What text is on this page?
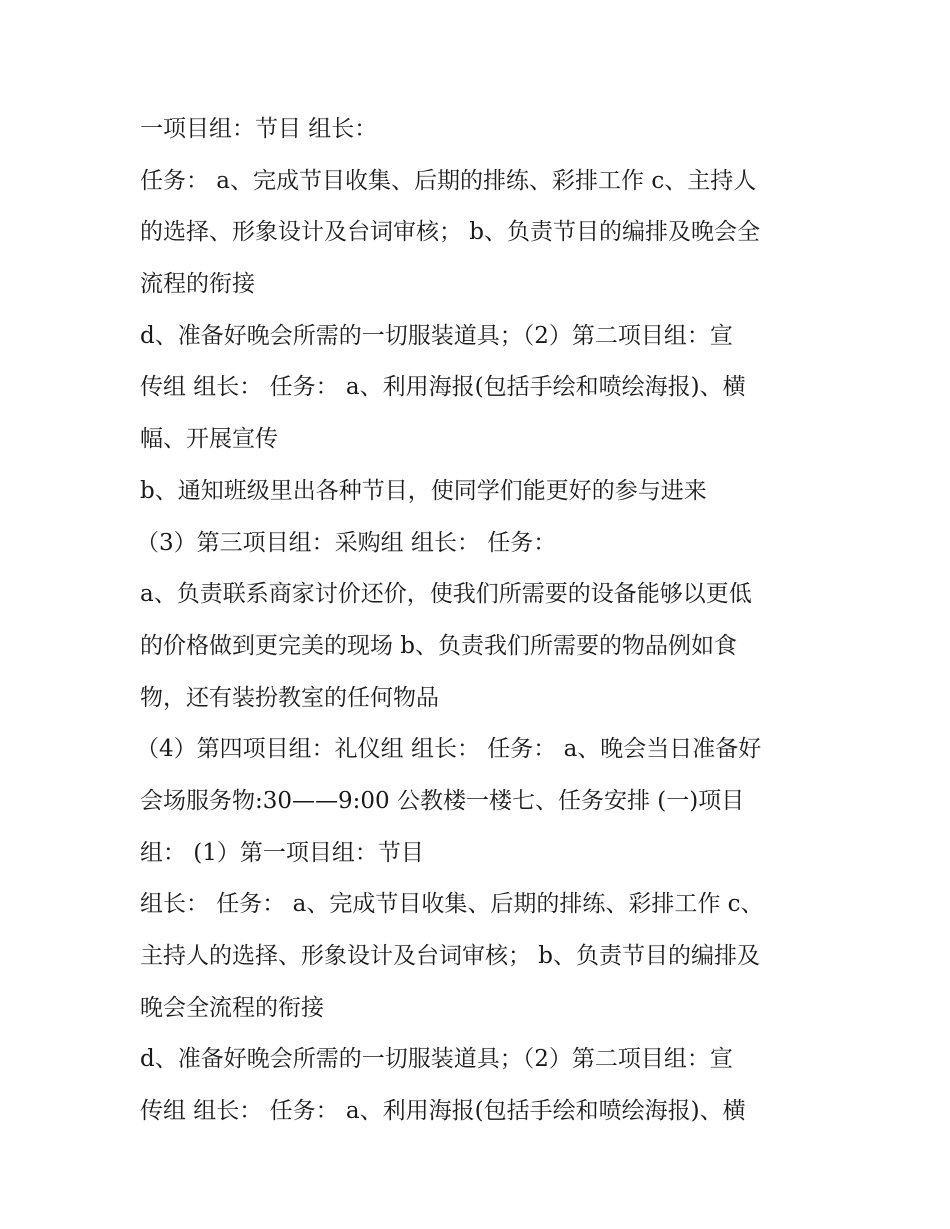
一项目组：节目 组长：
任务： a、完成节目收集、后期的排练、彩排工作 c、主持人
的选择、形象设计及台词审核； b、负责节目的编排及晚会全
流程的衔接
d、准备好晚会所需的一切服装道具；（2）第二项目组：宣
传组 组长： 任务： a、利用海报(包括手绘和喷绘海报)、横
幅、开展宣传
b、通知班级里出各种节目，使同学们能更好的参与进来
（3）第三项目组：采购组 组长： 任务：
a、负责联系商家讨价还价，使我们所需要的设备能够以更低
的价格做到更完美的现场 b、负责我们所需要的物品例如食
物，还有装扮教室的任何物品
（4）第四项目组：礼仪组 组长： 任务： a、晚会当日准备好
会场服务物:30——9:00 公教楼一楼七、任务安排 (一)项目
组： (1）第一项目组：节目
组长： 任务： a、完成节目收集、后期的排练、彩排工作 c、
主持人的选择、形象设计及台词审核； b、负责节目的编排及
晚会全流程的衔接
d、准备好晚会所需的一切服装道具；（2）第二项目组：宣
传组 组长： 任务： a、利用海报(包括手绘和喷绘海报)、横
